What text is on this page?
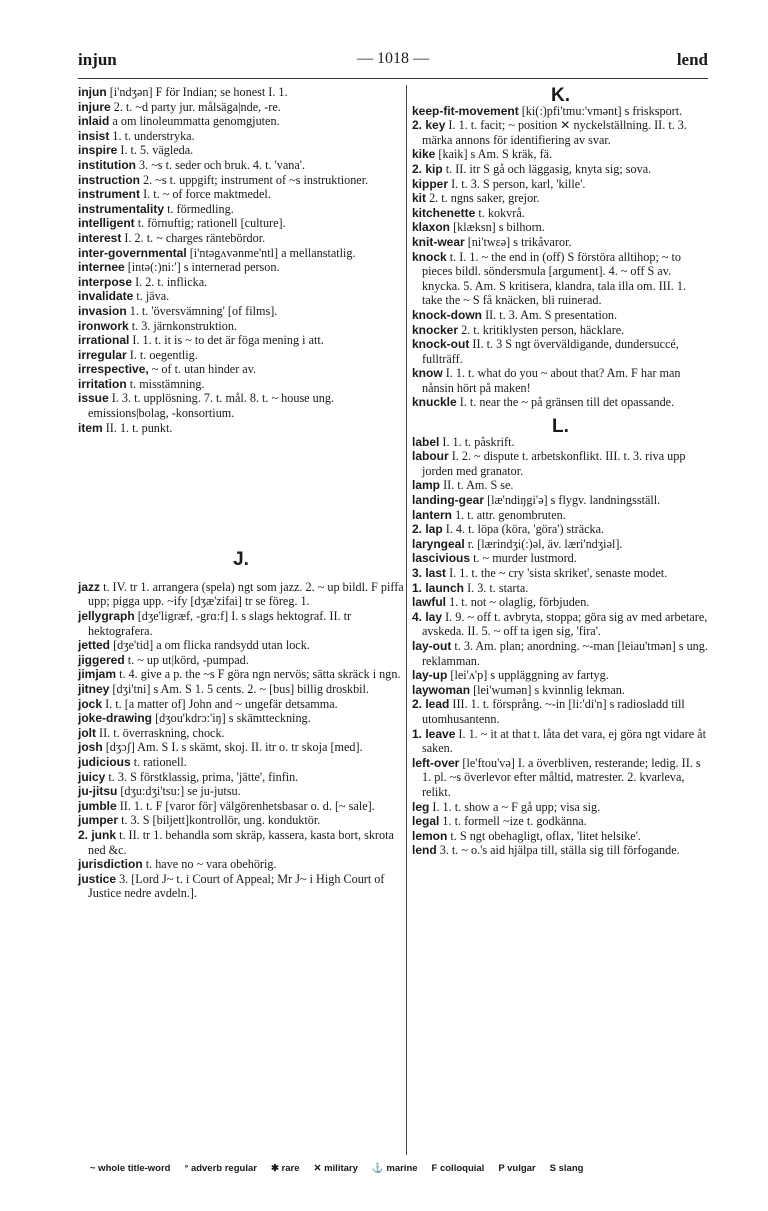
injun	— 1018 —	lend

injun [i'ndʒən] F för Indian; se honest I. 1.

injure 2. t. ~d party jur. målsäga|nde, -re.

inlaid a om linoleummatta genomgjuten.

insist 1. t. understryka.

inspire I. t. 5. vägleda.

institution 3. ~s t. seder och bruk. 4. t. 'vana'.

instruction 2. ~s t. uppgift; instrument of ~s instruktioner.

instrument I. t. ~ of force maktmedel.

instrumentality t. förmedling.

intelligent t. förnuftig; rationell [culture].

interest I. 2. t. ~ charges räntebördor.

inter-governmental [i'ntəgʌvənme'ntl] a mellanstatlig.

internee [intə(:)ni:'] s internerad person.

interpose I. 2. t. inflicka.

invalidate t. jäva.

invasion 1. t. 'översvämning' [of films].

ironwork t. 3. järnkonstruktion.

irrational I. 1. t. it is ~ to det är föga mening i att.

irregular I. t. oegentlig.

irrespective, ~ of t. utan hinder av.

irritation t. misstämning.

issue I. 3. t. upplösning. 7. t. mål. 8. t. ~ house ung. emissions|bolag, -konsortium.

item II. 1. t. punkt.

J.

jazz t. IV. tr 1. arrangera (spela) ngt som jazz. 2. ~ up bildl. F piffa upp; pigga upp. ~ify [dʒæ'zifai] tr se föreg. 1.

jellygraph [dʒe'ligræf, -grɑ:f] I. s slags hektograf. II. tr hektografera.

jetted [dʒe'tid] a om flicka randsydd utan lock.

jiggered t. ~ up ut|körd, -pumpad.

jimjam t. 4. give a p. the ~s F göra ngn nervös; sätta skräck i ngn.

jitney [dʒi'tni] s Am. S 1. 5 cents. 2. ~ [bus] billig droskbil.

jock I. t. [a matter of] John and ~ ungefär detsamma.

joke-drawing [dʒou'kdrɔ:'iŋ] s skämtteckning.

jolt II. t. överraskning, chock.

josh [dʒɔʃ] Am. S I. s skämt, skoj. II. itr o. tr skoja [med].

judicious t. rationell.

juicy t. 3. S förstklassig, prima, 'jätte', finfin.

ju-jitsu [dʒu:dʒi'tsu:] se ju-jutsu.

jumble II. 1. t. F [varor för] välgörenhetsbasar o. d. [~ sale].

jumper t. 3. S [biljett]kontrollör, ung. konduktör.

2. junk t. II. tr 1. behandla som skräp, kassera, kasta bort, skrota ned &c.

jurisdiction t. have no ~ vara obehörig.

justice 3. [Lord J~ t. i Court of Appeal; Mr J~ i High Court of Justice nedre avdeln.].

K.

keep-fit-movement [ki(:)pfi'tmu:'vmənt] s frisksport.

2. key I. 1. t. facit; ~ position ✕ nyckelställning. II. t. 3. märka annons för identifiering av svar.

kike [kaik] s Am. S kräk, fä.

2. kip t. II. itr S gå och läggasig, knyta sig; sova.

kipper I. t. 3. S person, karl, 'kille'.

kit 2. t. ngns saker, grejor.

kitchenette t. kokvrå.

klaxon [klæksn] s bilhorn.

knit-wear [ni'twɛə] s trikåvaror.

knock t. I. 1. ~ the end in (off) S förstöra alltihop; ~ to pieces bildl. söndersmula [argument]. 4. ~ off S av. knycka. 5. Am. S kritisera, klandra, tala illa om. III. 1. take the ~ S få knäcken, bli ruinerad.

knock-down II. t. 3. Am. S presentation.

knocker 2. t. kritiklysten person, häcklare.

knock-out II. t. 3 S ngt överväldigande, dundersuccé, fullträff.

know I. 1. t. what do you ~ about that? Am. F har man nånsin hört på maken!

knuckle I. t. near the ~ på gränsen till det opassande.

L.

label I. 1. t. påskrift.

labour I. 2. ~ dispute t. arbetskonflikt. III. t. 3. riva upp jorden med granator.

lamp II. t. Am. S se.

landing-gear [læ'ndiŋgi'ə] s flygv. landningsställ.

lantern 1. t. attr. genombruten.

2. lap I. 4. t. löpa (köra, 'göra') sträcka.

laryngeal r. [lærindʒi(:)əl, äv. læri'ndʒiəl].

lascivious t. ~ murder lustmord.

3. last I. 1. t. the ~ cry 'sista skriket', senaste modet.

1. launch I. 3. t. starta.

lawful 1. t. not ~ olaglig, förbjuden.

4. lay I. 9. ~ off t. avbryta, stoppa; göra sig av med arbetare, avskeda. II. 5. ~ off ta igen sig, 'fira'.

lay-out t. 3. Am. plan; anordning. ~-man [leiau'tmən] s ung. reklamman.

lay-up [lei'ʌ'p] s uppläggning av fartyg.

laywoman [lei'wumən] s kvinnlig lekman.

2. lead III. 1. t. försprång. ~-in [li:'di'n] s radiosladd till utomhusantenn.

1. leave I. 1. ~ it at that t. låta det vara, ej göra ngt vidare åt saken.

left-over [le'ftou'və] I. a överbliven, resterande; ledig. II. s 1. pl. ~s överlevor efter måltid, matrester. 2. kvarleva, relikt.

leg I. 1. t. show a ~ F gå upp; visa sig.

legal 1. t. formell ~ize t. godkänna.

lemon t. S ngt obehagligt, oflax, 'litet helsike'.

lend 3. t. ~ o.'s aid hjälpa till, ställa sig till förfogande.

~ whole title-word ° adverb regular ✱ rare ✕ military ⚓ marine F colloquial P vulgar S slang
